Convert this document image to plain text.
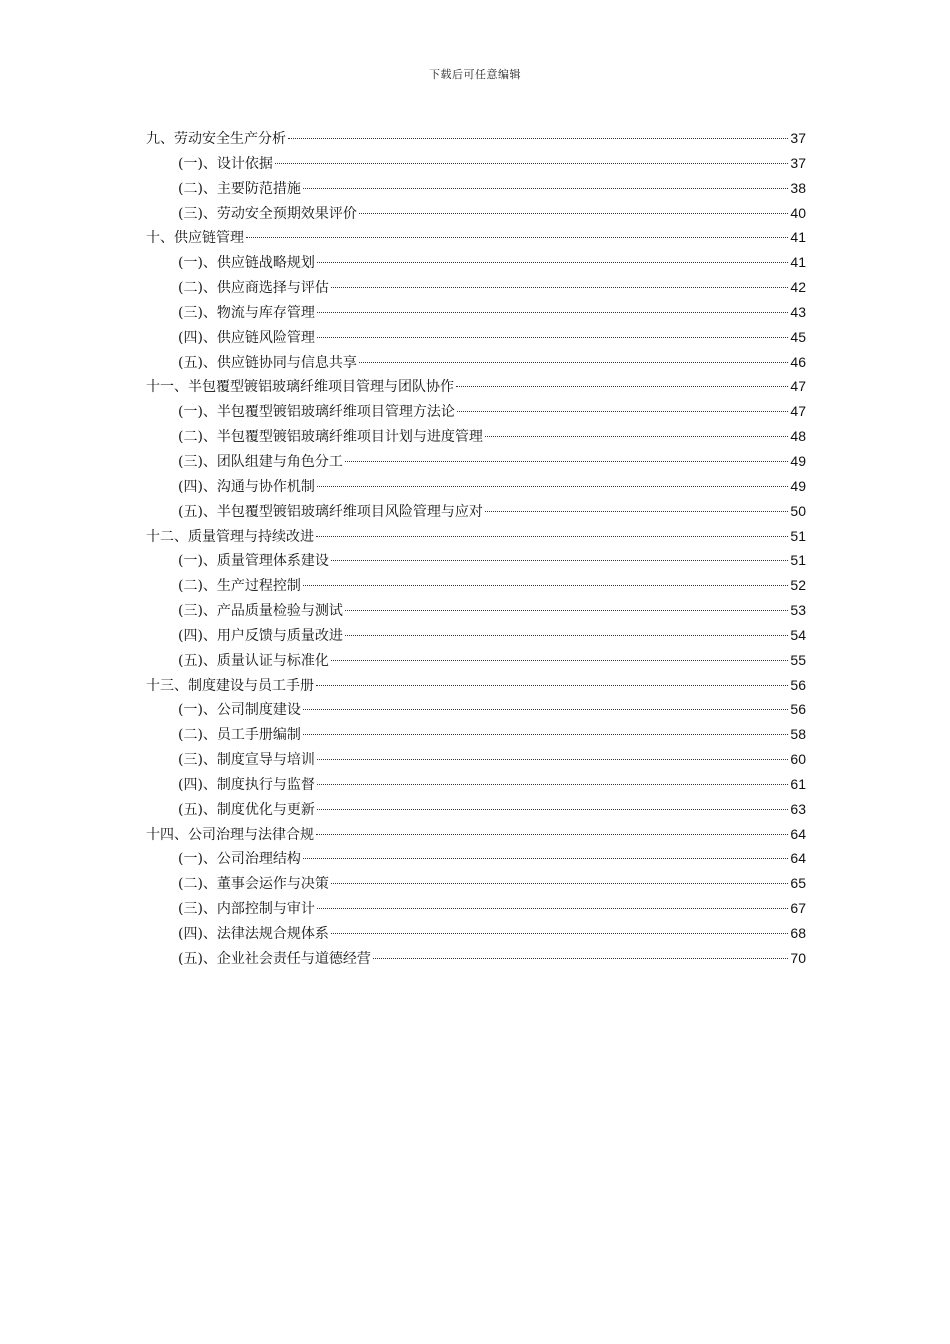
下载后可任意编辑
九、劳动安全生产分析	37
(一)、设计依据	37
(二)、主要防范措施	38
(三)、劳动安全预期效果评价	40
十、供应链管理	41
(一)、供应链战略规划	41
(二)、供应商选择与评估	42
(三)、物流与库存管理	43
(四)、供应链风险管理	45
(五)、供应链协同与信息共享	46
十一、半包覆型镀铝玻璃纤维项目管理与团队协作	47
(一)、半包覆型镀铝玻璃纤维项目管理方法论	47
(二)、半包覆型镀铝玻璃纤维项目计划与进度管理	48
(三)、团队组建与角色分工	49
(四)、沟通与协作机制	49
(五)、半包覆型镀铝玻璃纤维项目风险管理与应对	50
十二、质量管理与持续改进	51
(一)、质量管理体系建设	51
(二)、生产过程控制	52
(三)、产品质量检验与测试	53
(四)、用户反馈与质量改进	54
(五)、质量认证与标准化	55
十三、制度建设与员工手册	56
(一)、公司制度建设	56
(二)、员工手册编制	58
(三)、制度宣导与培训	60
(四)、制度执行与监督	61
(五)、制度优化与更新	63
十四、公司治理与法律合规	64
(一)、公司治理结构	64
(二)、董事会运作与决策	65
(三)、内部控制与审计	67
(四)、法律法规合规体系	68
(五)、企业社会责任与道德经营	70
